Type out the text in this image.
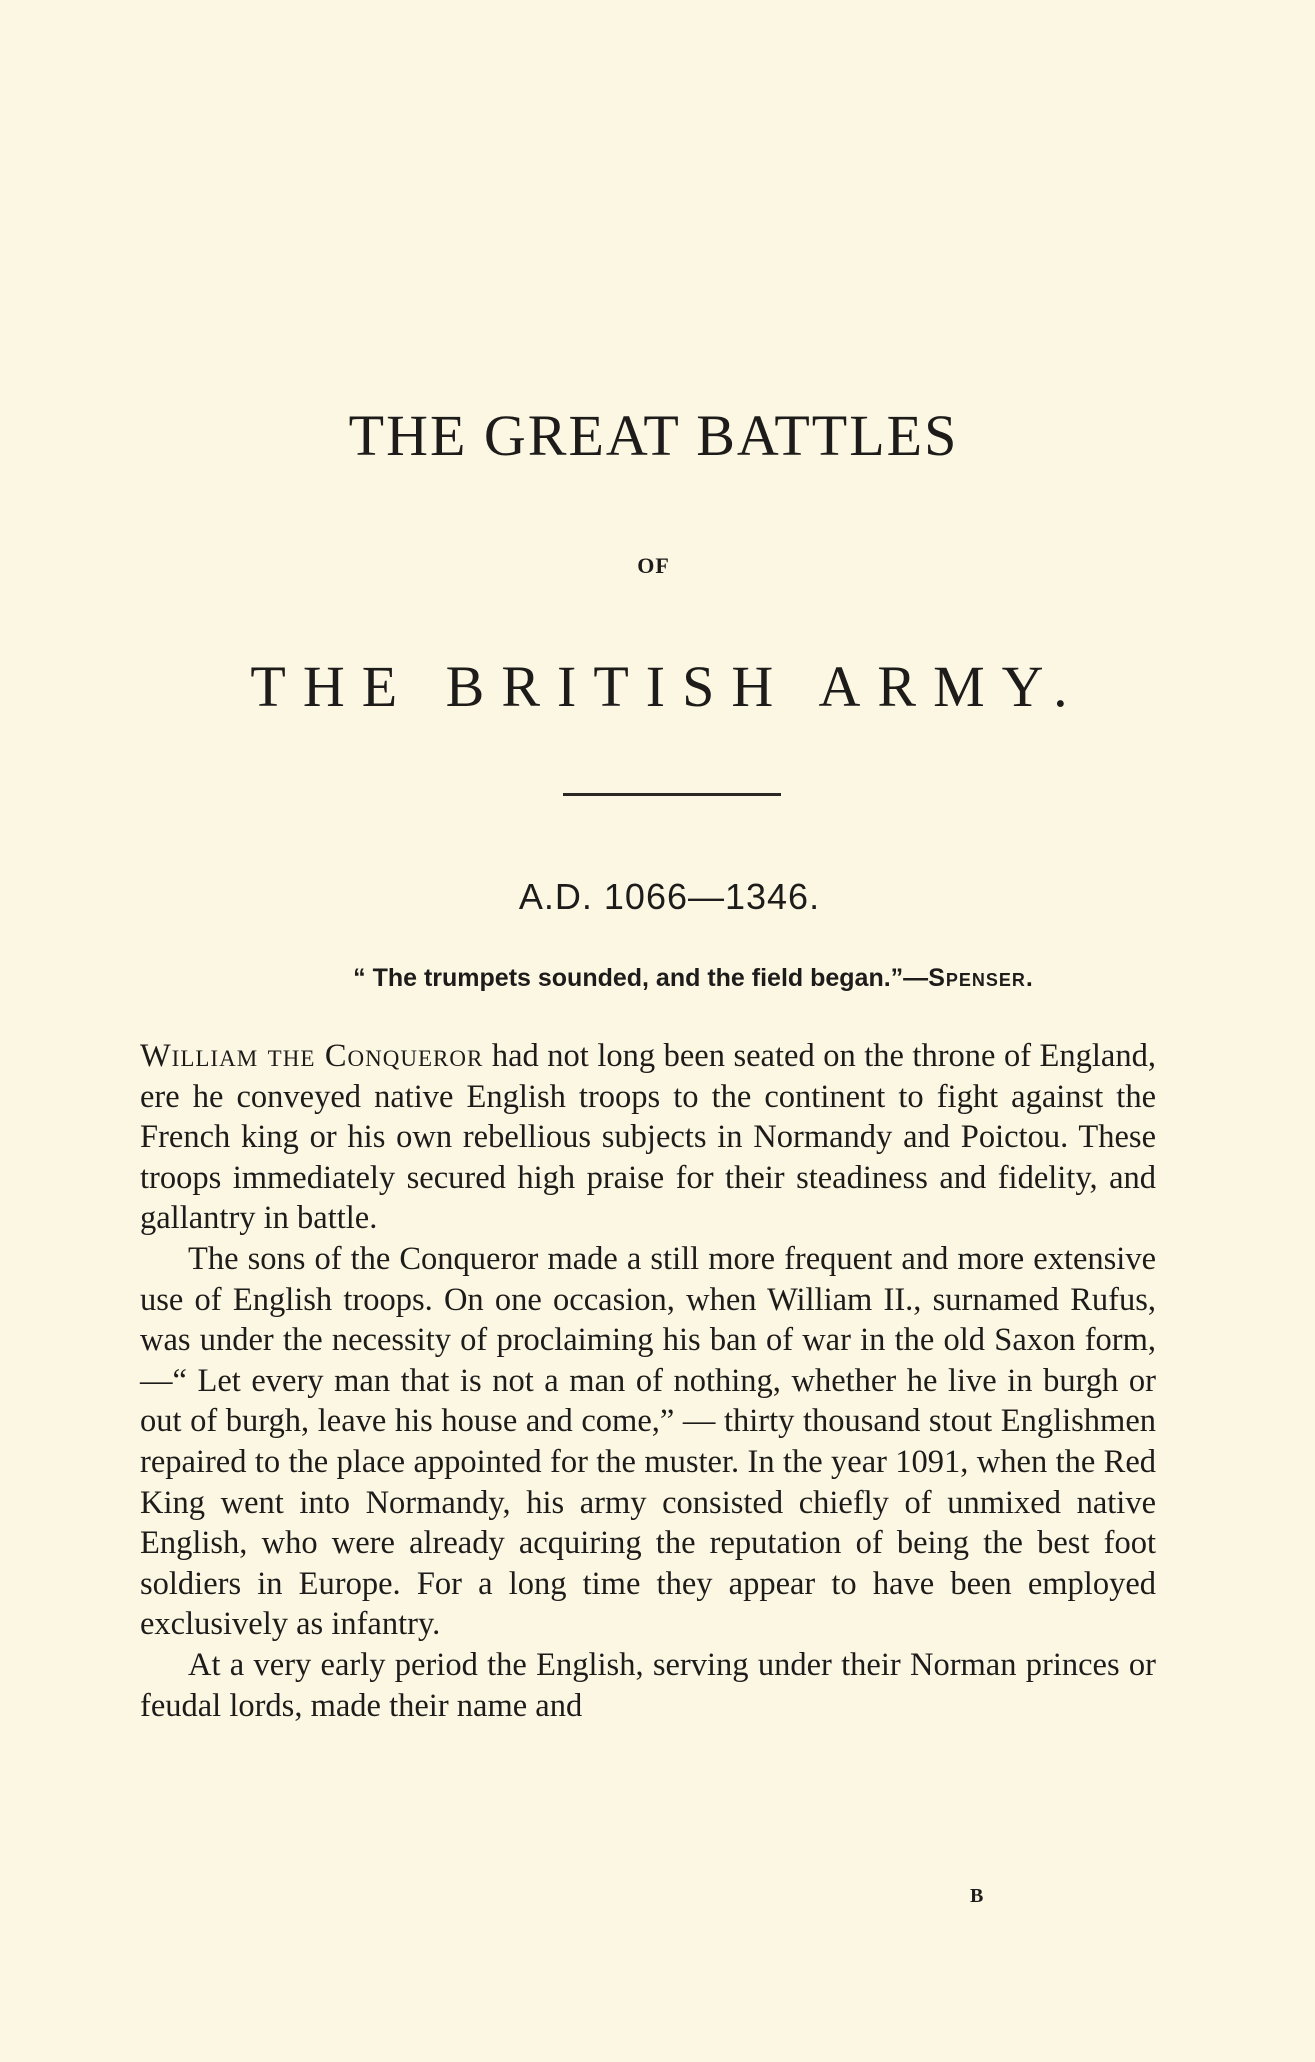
THE GREAT BATTLES
OF
THE BRITISH ARMY.
A.D. 1066—1346.
“ The trumpets sounded, and the field began.”—Spenser.

William the Conqueror had not long been seated on the throne of England, ere he conveyed native English troops to the continent to fight against the French king or his own rebellious subjects in Normandy and Poictou. These troops immediately secured high praise for their steadiness and fidelity, and gallantry in battle.

The sons of the Conqueror made a still more frequent and more extensive use of English troops. On one occasion, when William II., surnamed Rufus, was under the necessity of proclaiming his ban of war in the old Saxon form,—“ Let every man that is not a man of nothing, whether he live in burgh or out of burgh, leave his house and come,” — thirty thousand stout Englishmen repaired to the place appointed for the muster. In the year 1091, when the Red King went into Normandy, his army consisted chiefly of unmixed native English, who were already acquiring the reputation of being the best foot soldiers in Europe. For a long time they appear to have been employed exclusively as infantry.

At a very early period the English, serving under their Norman princes or feudal lords, made their name and

B
